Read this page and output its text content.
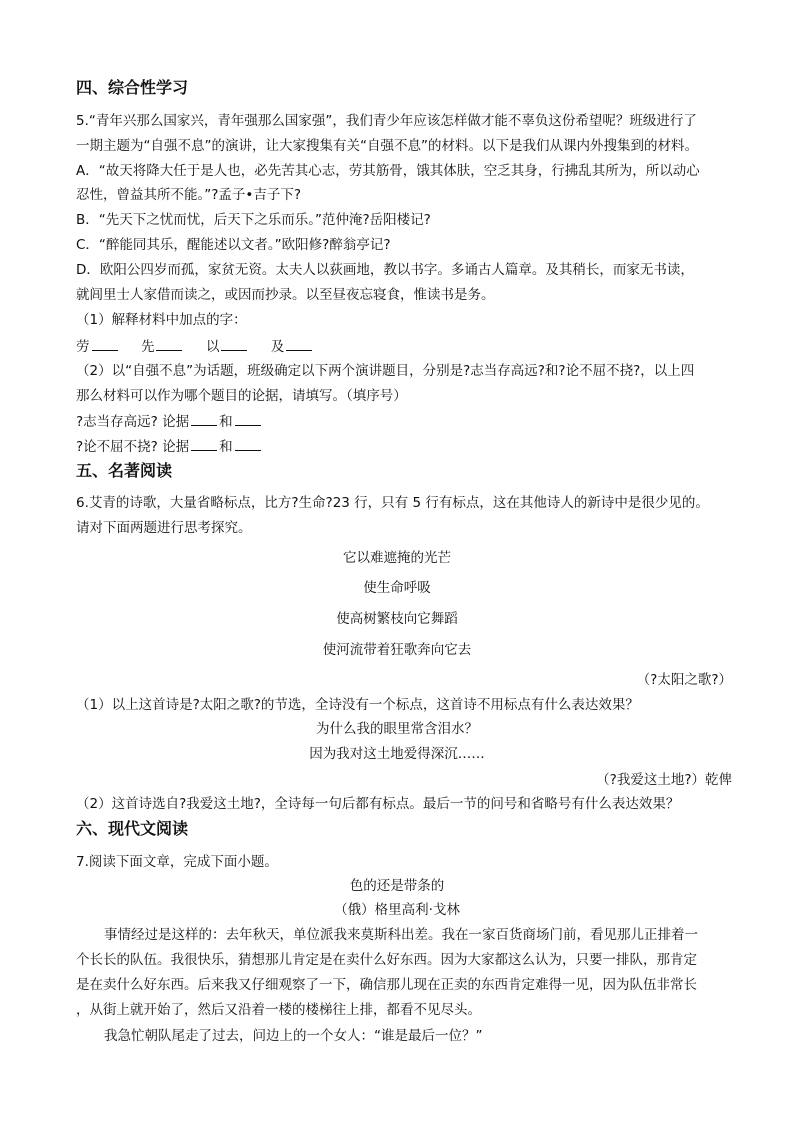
四、综合性学习
5.“青年兴那么国家兴，青年强那么国家强”，我们青少年应该怎样做才能不辜负这份希望呢？班级进行了
一期主题为“自强不息”的演讲，让大家搜集有关“自强不息”的材料。以下是我们从课内外搜集到的材料。
A．“故天将降大任于是人也，必先苦其心志，劳其筋骨，饿其体肤，空乏其身，行拂乱其所为，所以动心
忍性，曾益其所不能。”?孟子•吉子下?
B．“先天下之忧而忧，后天下之乐而乐。”范仲淹?岳阳楼记?
C．“醉能同其乐，醒能述以文者。”欧阳修?醉翁亭记?
D．欧阳公四岁而孤，家贫无资。太夫人以荻画地，教以书字。多诵古人篇章。及其稍长，而家无书读，
就闾里士人家借而读之，或因而抄录。以至昼夜忘寝食，惟读书是务。
（1）解释材料中加点的字：
劳	先	以	及
（2）以“自强不息”为话题，班级确定以下两个演讲题目，分别是?志当存高远?和?论不屈不挠?，以上四
那么材料可以作为哪个题目的论据，请填写。（填序号）
?志当存高远? 论据 和
?论不屈不挠? 论据 和
五、名著阅读
6.艾青的诗歌，大量省略标点，比方?生命?23 行，只有 5 行有标点，这在其他诗人的新诗中是很少见的。
请对下面两题进行思考探究。
它以难遮掩的光芒
使生命呼吸
使高树繁枝向它舞蹈
使河流带着狂歌奔向它去
（?太阳之歌?）
（1）以上这首诗是?太阳之歌?的节选，全诗没有一个标点，这首诗不用标点有什么表达效果？
为什么我的眼里常含泪水？
因为我对这土地爱得深沉……
（?我爱这土地?）乾俾
（2）这首诗选自?我爱这土地?，全诗每一句后都有标点。最后一节的问号和省略号有什么表达效果？
六、现代文阅读
7.阅读下面文章，完成下面小题。
色的还是带条的
（俄）格里高利·戈林
事情经过是这样的：去年秋天，单位派我来莫斯科出差。我在一家百货商场门前，看见那儿正排着一
个长长的队伍。我很快乐，猜想那儿肯定是在卖什么好东西。因为大家都这么认为，只要一排队，那肯定
是在卖什么好东西。后来我又仔细观察了一下，确信那儿现在正卖的东西肯定难得一见，因为队伍非常长
，从街上就开始了，然后又沿着一楼的楼梯往上排，都看不见尽头。
我急忙朝队尾走了过去，问边上的一个女人：“谁是最后一位？”
